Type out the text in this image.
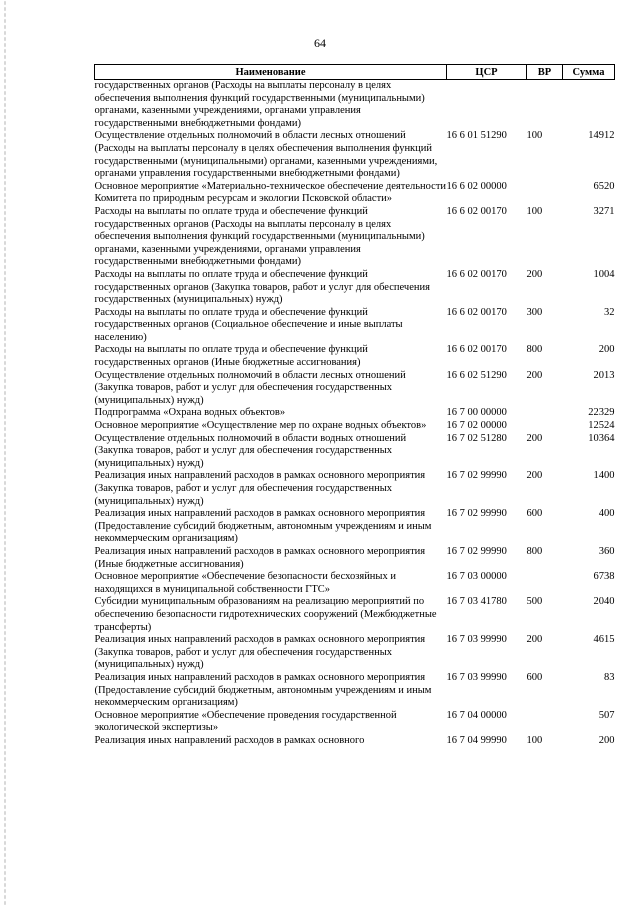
64
Наименование	ЦСР	ВР	Сумма
государственных органов (Расходы на выплаты персоналу в целях обеспечения выполнения функций государственными (муниципальными) органами, казенными учреждениями, органами управления государственными внебюджетными фондами)			
Осуществление отдельных полномочий в области лесных отношений (Расходы на выплаты персоналу в целях обеспечения выполнения функций государственными (муниципальными) органами, казенными учреждениями, органами управления государственными внебюджетными фондами)	16 6 01 51290	100	14912
Основное мероприятие «Материально-техническое обеспечение деятельности Комитета по природным ресурсам и экологии Псковской области»	16 6 02 00000		6520
Расходы на выплаты по оплате труда и обеспечение функций государственных органов (Расходы на выплаты персоналу в целях обеспечения выполнения функций государственными (муниципальными) органами, казенными учреждениями, органами управления государственными внебюджетными фондами)	16 6 02 00170	100	3271
Расходы на выплаты по оплате труда и обеспечение функций государственных органов (Закупка товаров, работ и услуг для обеспечения государственных (муниципальных) нужд)	16 6 02 00170	200	1004
Расходы на выплаты по оплате труда и обеспечение функций государственных органов (Социальное обеспечение и иные выплаты населению)	16 6 02 00170	300	32
Расходы на выплаты по оплате труда и обеспечение функций государственных органов (Иные бюджетные ассигнования)	16 6 02 00170	800	200
Осуществление отдельных полномочий в области лесных отношений (Закупка товаров, работ и услуг для обеспечения государственных (муниципальных) нужд)	16 6 02 51290	200	2013
Подпрограмма «Охрана водных объектов»	16 7 00 00000		22329
Основное мероприятие «Осуществление мер по охране водных объектов»	16 7 02 00000		12524
Осуществление отдельных полномочий в области водных отношений (Закупка товаров, работ и услуг для обеспечения государственных (муниципальных) нужд)	16 7 02 51280	200	10364
Реализация иных направлений расходов в рамках основного мероприятия (Закупка товаров, работ и услуг для обеспечения государственных (муниципальных) нужд)	16 7 02 99990	200	1400
Реализация иных направлений расходов в рамках основного мероприятия (Предоставление субсидий бюджетным, автономным учреждениям и иным некоммерческим организациям)	16 7 02 99990	600	400
Реализация иных направлений расходов в рамках основного мероприятия (Иные бюджетные ассигнования)	16 7 02 99990	800	360
Основное мероприятие «Обеспечение безопасности бесхозяйных и находящихся в муниципальной собственности ГТС»	16 7 03 00000		6738
Субсидии муниципальным образованиям на реализацию мероприятий по обеспечению безопасности гидротехнических сооружений (Межбюджетные трансферты)	16 7 03 41780	500	2040
Реализация иных направлений расходов в рамках основного мероприятия (Закупка товаров, работ и услуг для обеспечения государственных (муниципальных) нужд)	16 7 03 99990	200	4615
Реализация иных направлений расходов в рамках основного мероприятия (Предоставление субсидий бюджетным, автономным учреждениям и иным некоммерческим организациям)	16 7 03 99990	600	83
Основное мероприятие «Обеспечение проведения государственной экологической экспертизы»	16 7 04 00000		507
Реализация иных направлений расходов в рамках основного	16 7 04 99990	100	200
